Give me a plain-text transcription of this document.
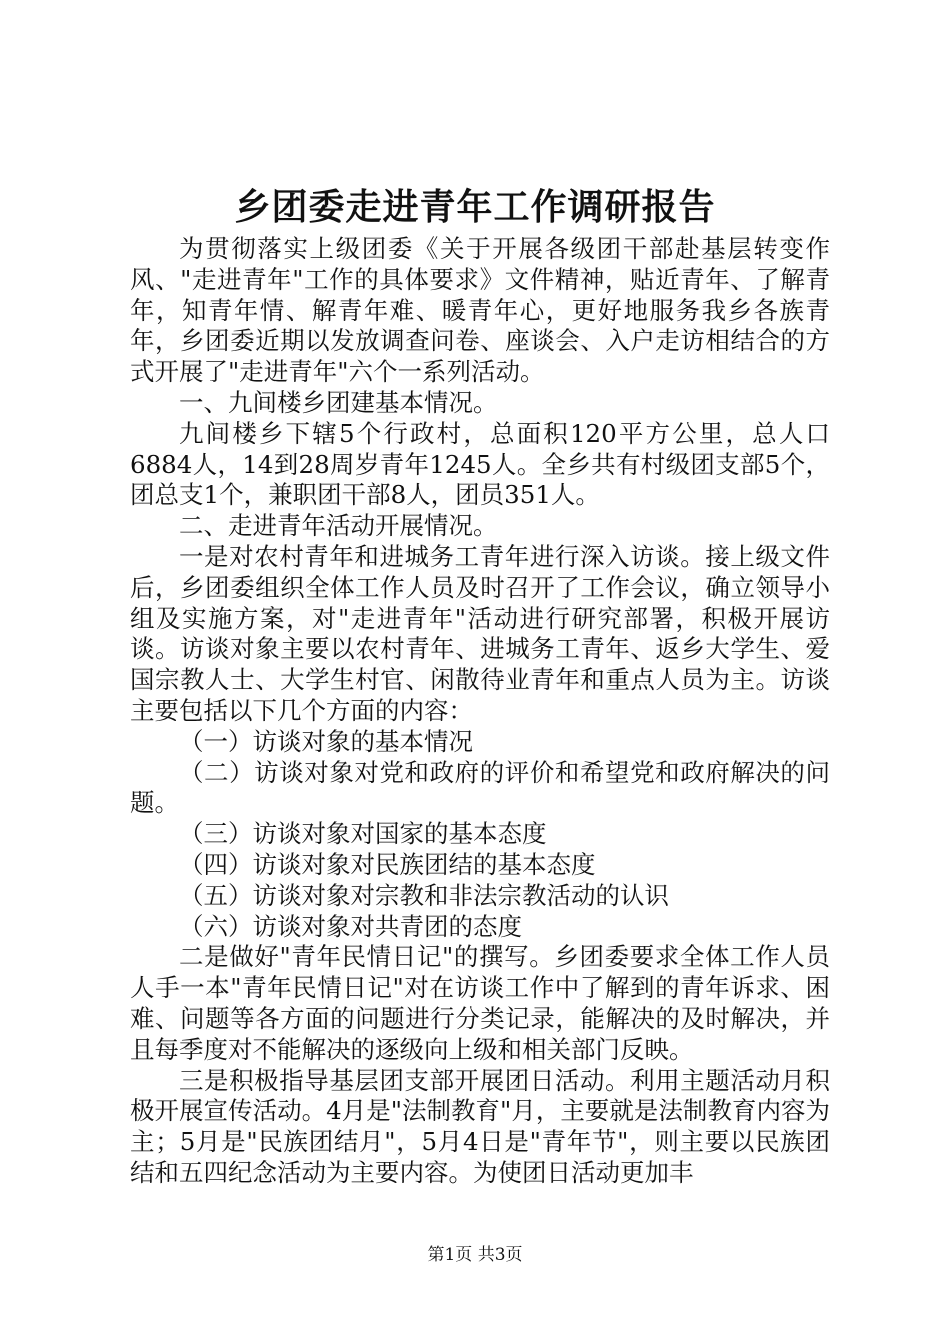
乡团委走进青年工作调研报告

为贯彻落实上级团委《关于开展各级团干部赴基层转变作风、"走进青年"工作的具体要求》文件精神，贴近青年、了解青年，知青年情、解青年难、暖青年心，更好地服务我乡各族青年，乡团委近期以发放调查问卷、座谈会、入户走访相结合的方式开展了"走进青年"六个一系列活动。

一、九间楼乡团建基本情况。

九间楼乡下辖5个行政村，总面积120平方公里，总人口6884人，14到28周岁青年1245人。全乡共有村级团支部5个，团总支1个，兼职团干部8人，团员351人。

二、走进青年活动开展情况。

一是对农村青年和进城务工青年进行深入访谈。接上级文件后，乡团委组织全体工作人员及时召开了工作会议，确立领导小组及实施方案，对"走进青年"活动进行研究部署，积极开展访谈。访谈对象主要以农村青年、进城务工青年、返乡大学生、爱国宗教人士、大学生村官、闲散待业青年和重点人员为主。访谈主要包括以下几个方面的内容：

（一）访谈对象的基本情况

（二）访谈对象对党和政府的评价和希望党和政府解决的问题。

（三）访谈对象对国家的基本态度

（四）访谈对象对民族团结的基本态度

（五）访谈对象对宗教和非法宗教活动的认识

（六）访谈对象对共青团的态度

二是做好"青年民情日记"的撰写。乡团委要求全体工作人员人手一本"青年民情日记"对在访谈工作中了解到的青年诉求、困难、问题等各方面的问题进行分类记录，能解决的及时解决，并且每季度对不能解决的逐级向上级和相关部门反映。

三是积极指导基层团支部开展团日活动。利用主题活动月积极开展宣传活动。4月是"法制教育"月，主要就是法制教育内容为主；5月是"民族团结月"，5月4日是"青年节"，则主要以民族团结和五四纪念活动为主要内容。为使团日活动更加丰

第1页 共3页
